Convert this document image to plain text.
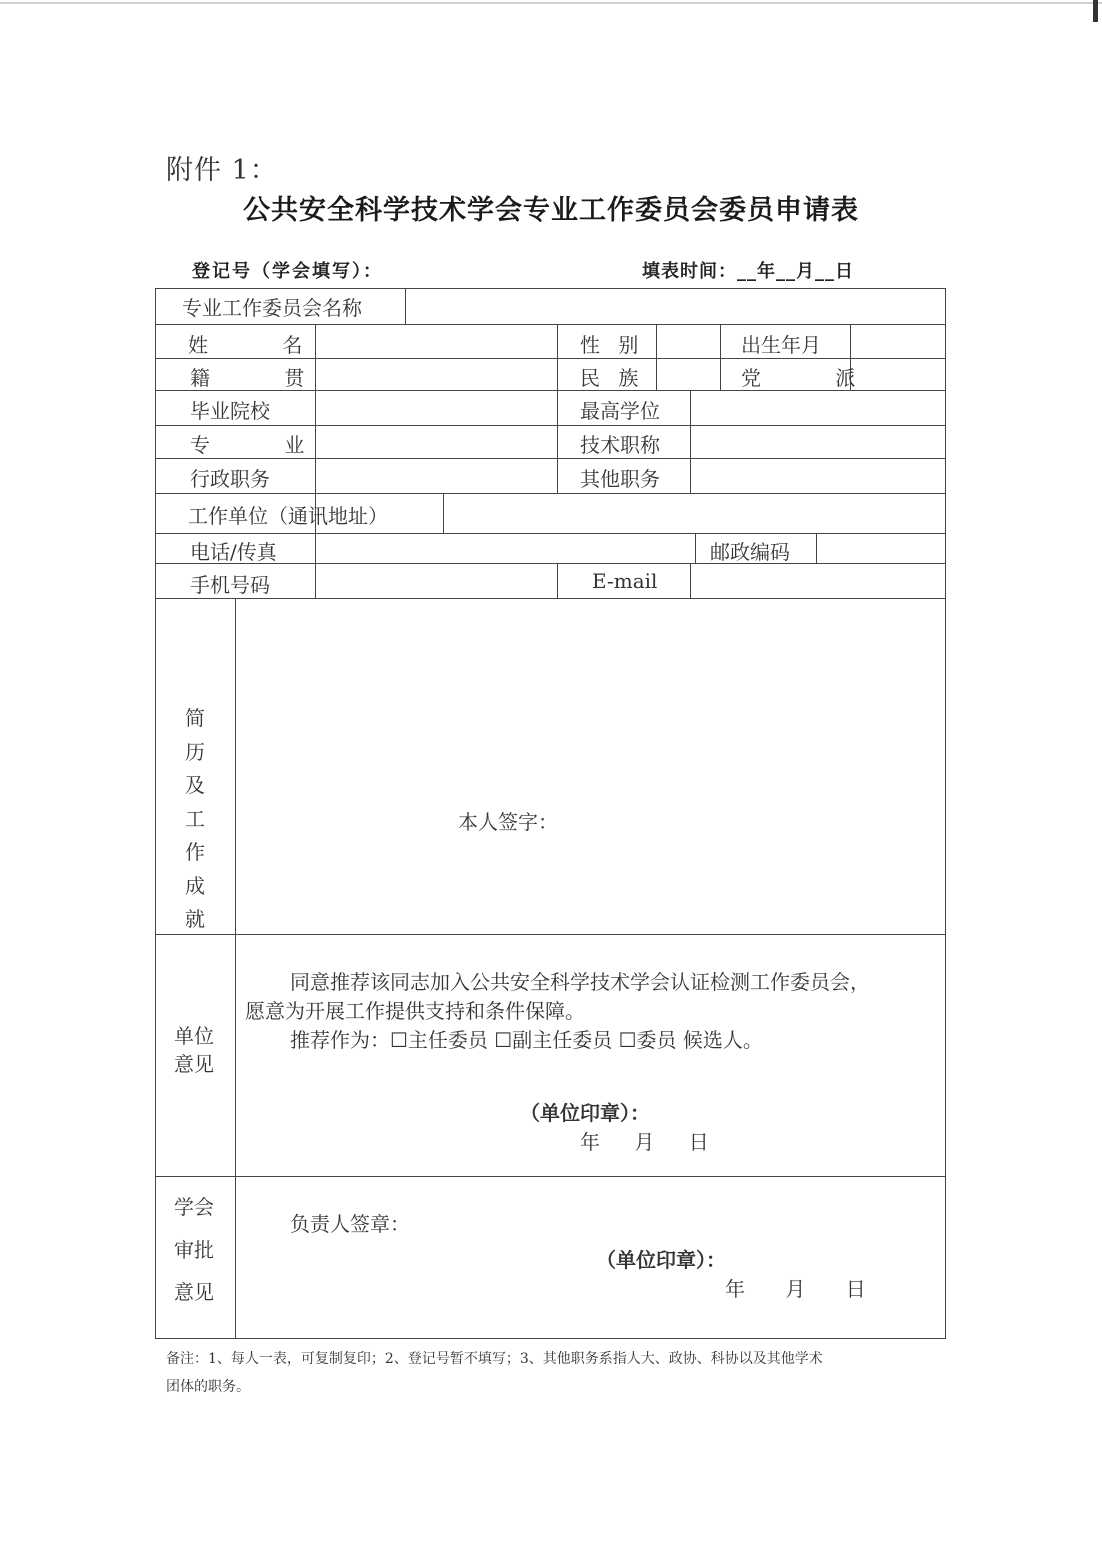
附件 1：
公共安全科学技术学会专业工作委员会委员申请表
登记号（学会填写）：	填表时间：__年__月__日
专业工作委员会名称
姓 名	性 别	出生年月
籍 贯	民 族	党 派
毕业院校	最高学位
专 业	技术职称
行政职务	其他职务
工作单位（通讯地址）
电话/传真	邮政编码
手机号码	E-mail
简历及工作成就
本人签字：
单位
意见
同意推荐该同志加入公共安全科学技术学会认证检测工作委员会，
愿意为开展工作提供支持和条件保障。
推荐作为：☐主任委员 ☐副主任委员 ☐委员 候选人。
（单位印章）：
年 月 日
学会
审批
意见
负责人签章：
（单位印章）：
年 月 日
备注：1、每人一表，可复制复印；2、登记号暂不填写；3、其他职务系指人大、政协、科协以及其他学术
团体的职务。
